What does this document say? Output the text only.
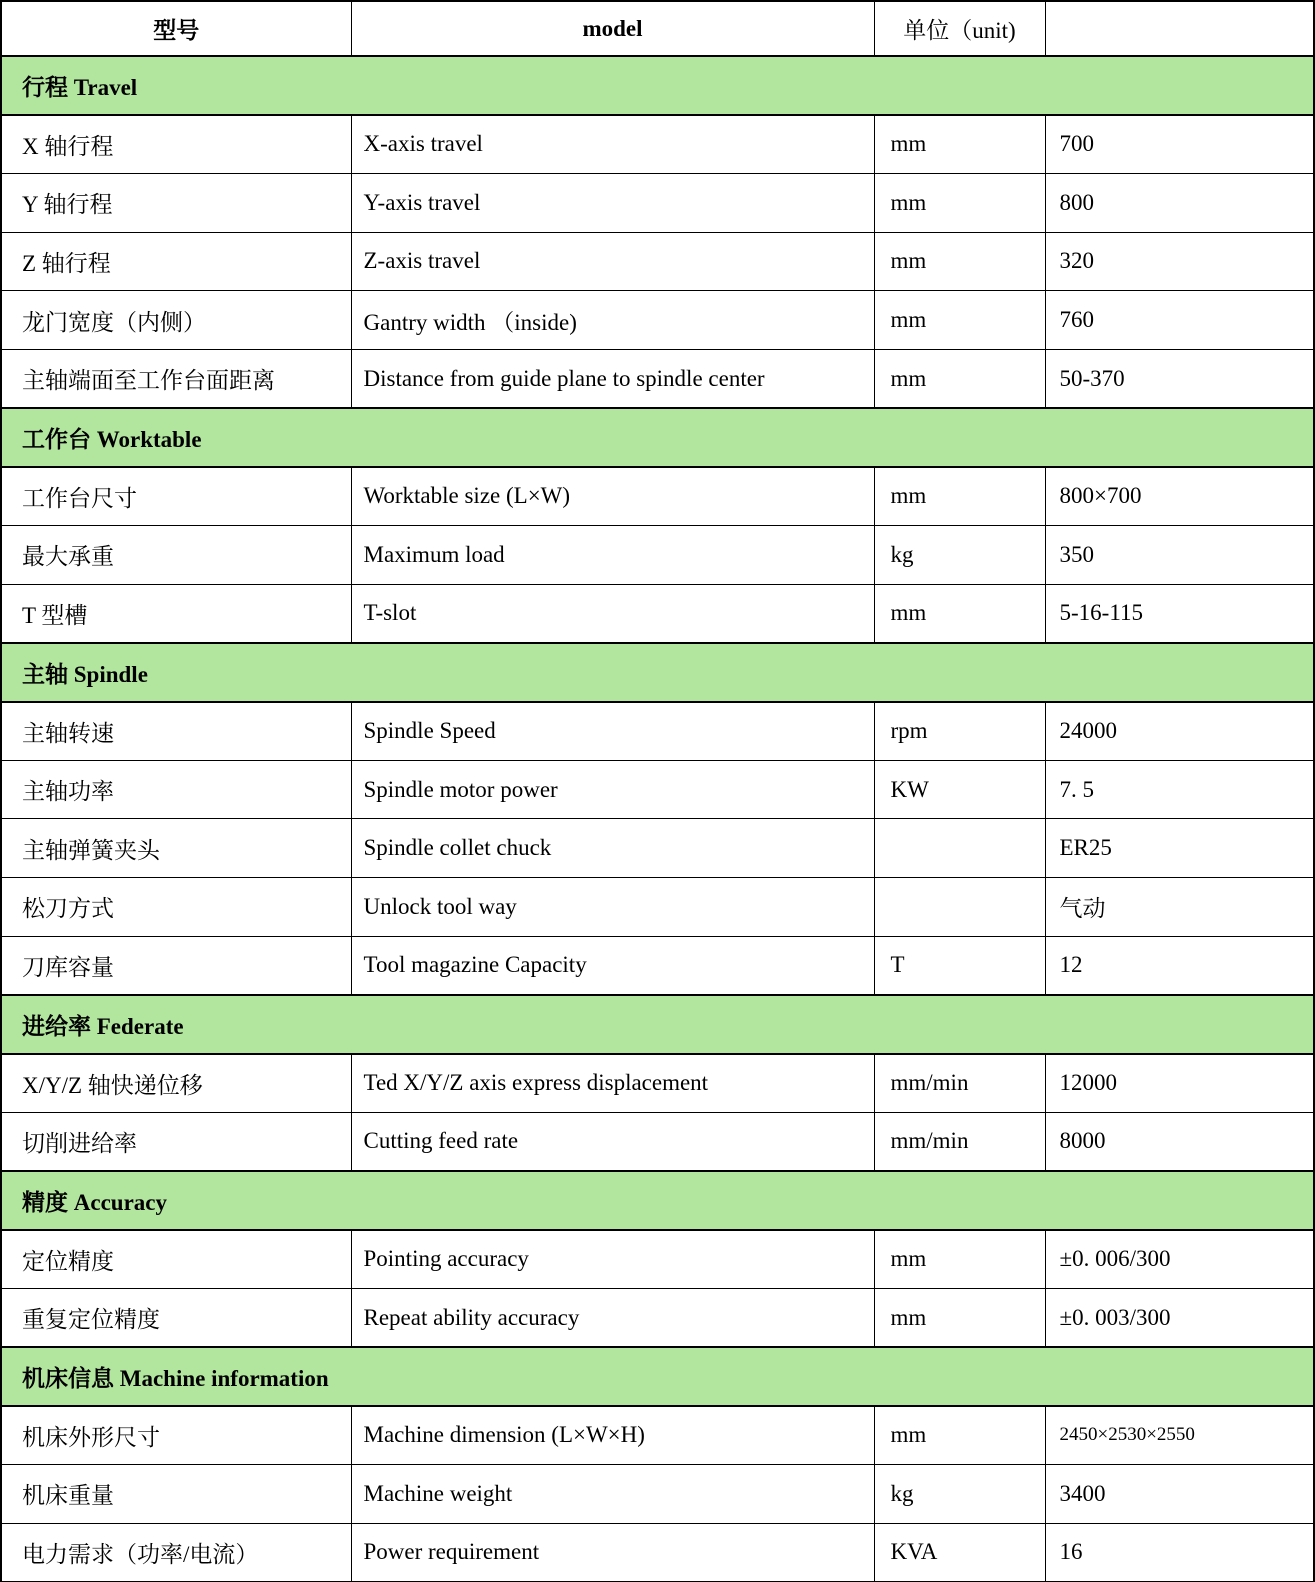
型号	model	单位（unit)	
行程 Travel			
X 轴行程	X-axis travel	mm	700
Y 轴行程	Y-axis travel	mm	800
Z 轴行程	Z-axis travel	mm	320
龙门宽度（内侧）	Gantry width （inside)	mm	760
主轴端面至工作台面距离	Distance from guide plane to spindle center	mm	50-370
工作台 Worktable			
工作台尺寸	Worktable size (L×W)	mm	800×700
最大承重	Maximum load	kg	350
T 型槽	T-slot	mm	5-16-115
主轴 Spindle			
主轴转速	Spindle Speed	rpm	24000
主轴功率	Spindle motor power	KW	7. 5
主轴弹簧夹头	Spindle collet chuck		ER25
松刀方式	Unlock tool way		气动
刀库容量	Tool magazine Capacity	T	12
进给率 Federate			
X/Y/Z 轴快递位移	Ted X/Y/Z axis express displacement	mm/min	12000
切削进给率	Cutting feed rate	mm/min	8000
精度 Accuracy			
定位精度	Pointing accuracy	mm	±0. 006/300
重复定位精度	Repeat ability accuracy	mm	±0. 003/300
机床信息 Machine information			
机床外形尺寸	Machine dimension (L×W×H)	mm	2450×2530×2550
机床重量	Machine weight	kg	3400
电力需求（功率/电流）	Power requirement	KVA	16
